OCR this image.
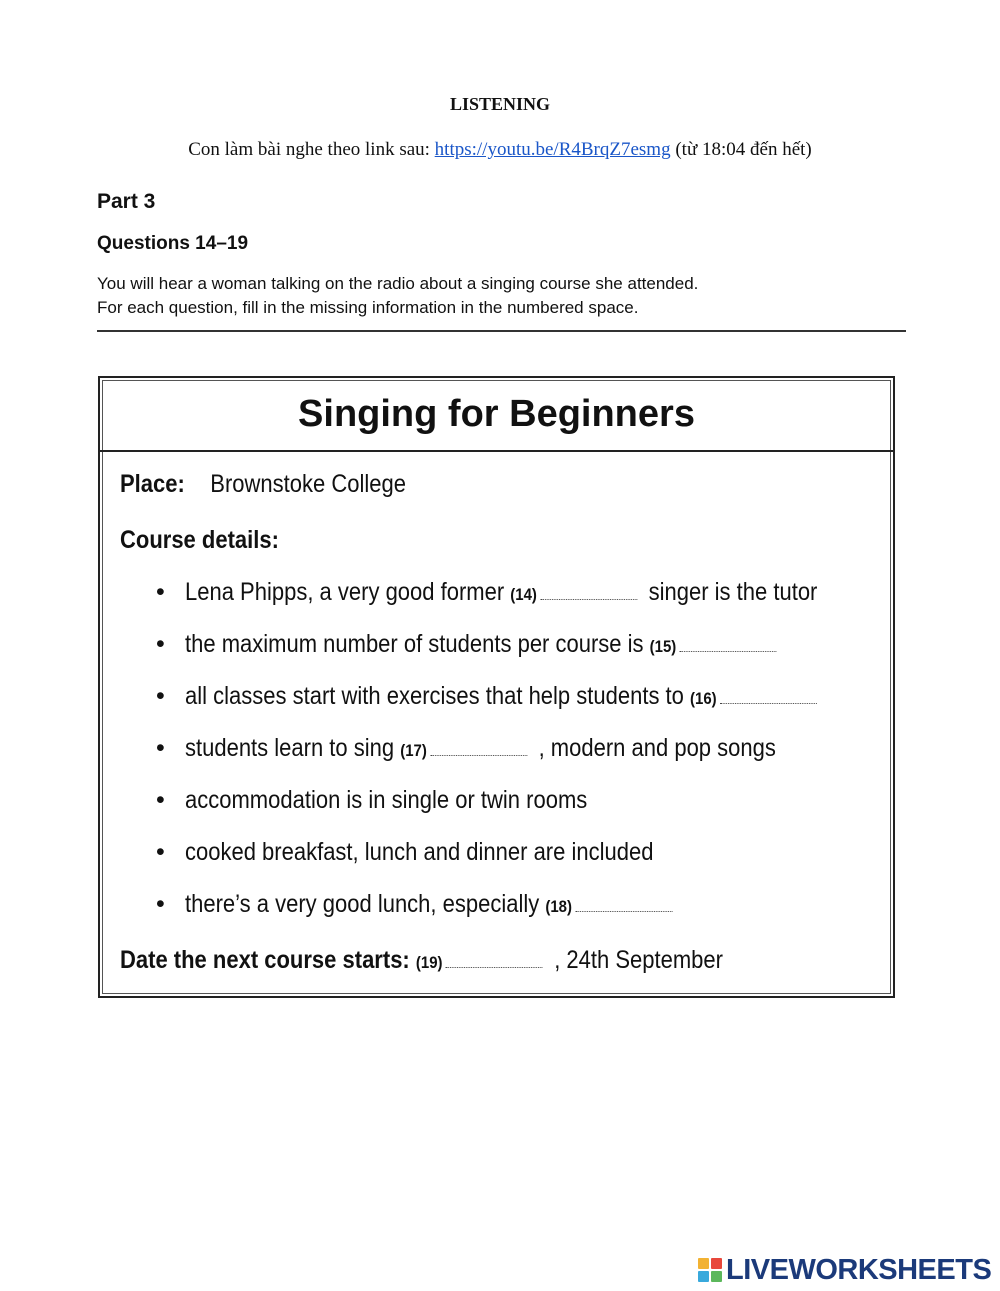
LISTENING
Con làm bài nghe theo link sau: https://youtu.be/R4BrqZ7esmg (từ 18:04 đến hết)
Part 3
Questions 14–19
You will hear a woman talking on the radio about a singing course she attended.
For each question, fill in the missing information in the numbered space.
Singing for Beginners
Place: Brownstoke College
Course details:
• Lena Phipps, a very good former (14)	singer is the tutor
• the maximum number of students per course is (15)
• all classes start with exercises that help students to (16)
• students learn to sing (17)	, modern and pop songs
• accommodation is in single or twin rooms
• cooked breakfast, lunch and dinner are included
• there’s a very good lunch, especially (18)
Date the next course starts: (19)	, 24th September
LIVEWORKSHEETS
